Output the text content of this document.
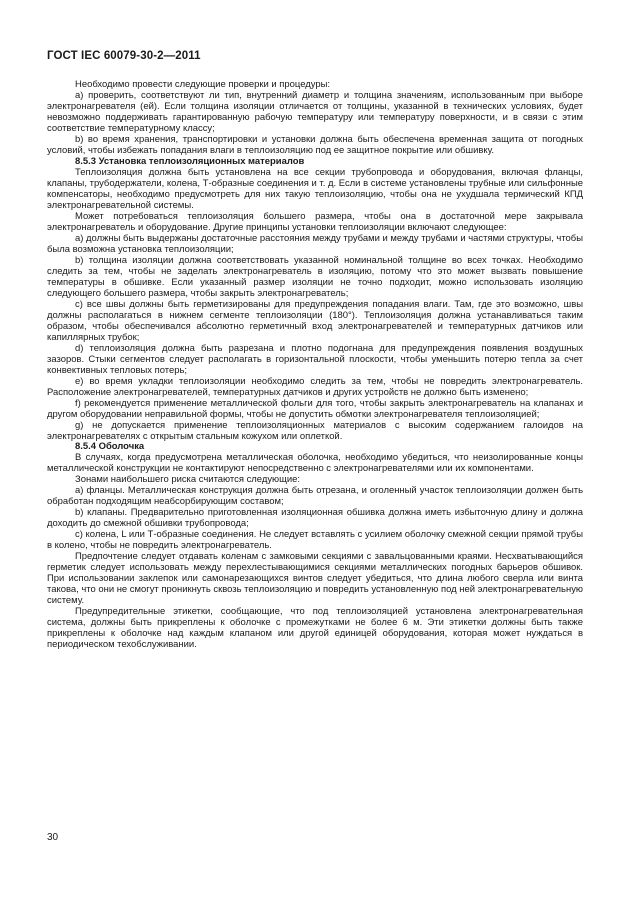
ГОСТ IEC 60079-30-2—2011

Необходимо провести следующие проверки и процедуры:

a) проверить, соответствуют ли тип, внутренний диаметр и толщина значениям, использованным при выборе электронагревателя (ей). Если толщина изоляции отличается от толщины, указанной в технических условиях, будет невозможно поддерживать гарантированную рабочую температуру или температуру поверхности, и в связи с этим соответствие температурному классу;

b) во время хранения, транспортировки и установки должна быть обеспечена временная защита от погодных условий, чтобы избежать попадания влаги в теплоизоляцию под ее защитное покрытие или обшивку.

8.5.3 Установка теплоизоляционных материалов

Теплоизоляция должна быть установлена на все секции трубопровода и оборудования, включая фланцы, клапаны, трубодержатели, колена, Т-образные соединения и т. д. Если в системе установлены трубные или сильфонные компенсаторы, необходимо предусмотреть для них такую теплоизоляцию, чтобы она не ухудшала термический КПД электронагревательной системы.

Может потребоваться теплоизоляция большего размера, чтобы она в достаточной мере закрывала электронагреватель и оборудование. Другие принципы установки теплоизоляции включают следующее:

a) должны быть выдержаны достаточные расстояния между трубами и между трубами и частями структуры, чтобы была возможна установка теплоизоляции;

b) толщина изоляции должна соответствовать указанной номинальной толщине во всех точках. Необходимо следить за тем, чтобы не заделать электронагреватель в изоляцию, потому что это может вызвать повышение температуры в обшивке. Если указанный размер изоляции не точно подходит, можно использовать изоляцию следующего большего размера, чтобы закрыть электронагреватель;

c) все швы должны быть герметизированы для предупреждения попадания влаги. Там, где это возможно, швы должны располагаться в нижнем сегменте теплоизоляции (180°). Теплоизоляция должна устанавливаться таким образом, чтобы обеспечивался абсолютно герметичный вход электронагревателей и температурных датчиков или капиллярных трубок;

d) теплоизоляция должна быть разрезана и плотно подогнана для предупреждения появления воздушных зазоров. Стыки сегментов следует располагать в горизонтальной плоскости, чтобы уменьшить потерю тепла за счет конвективных тепловых потерь;

e) во время укладки теплоизоляции необходимо следить за тем, чтобы не повредить электронагреватель. Расположение электронагревателей, температурных датчиков и других устройств не должно быть изменено;

f) рекомендуется применение металлической фольги для того, чтобы закрыть электронагреватель на клапанах и другом оборудовании неправильной формы, чтобы не допустить обмотки электронагревателя теплоизоляцией;

g) не допускается применение теплоизоляционных материалов с высоким содержанием галоидов на электронагревателях с открытым стальным кожухом или оплеткой.

8.5.4 Оболочка

В случаях, когда предусмотрена металлическая оболочка, необходимо убедиться, что неизолированные концы металлической конструкции не контактируют непосредственно с электронагревателями или их компонентами.

Зонами наибольшего риска считаются следующие:

a) фланцы. Металлическая конструкция должна быть отрезана, и оголенный участок теплоизоляции должен быть обработан подходящим неабсорбирующим составом;

b) клапаны. Предварительно приготовленная изоляционная обшивка должна иметь избыточную длину и должна доходить до смежной обшивки трубопровода;

c) колена, L или Т-образные соединения. Не следует вставлять с усилием оболочку смежной секции прямой трубы в колено, чтобы не повредить электронагреватель.

Предпочтение следует отдавать коленам с замковыми секциями с завальцованными краями. Несхватывающийся герметик следует использовать между перехлестывающимися секциями металлических погодных барьеров обшивок. При использовании заклепок или самонарезающихся винтов следует убедиться, что длина любого сверла или винта такова, что они не смогут проникнуть сквозь теплоизоляцию и повредить установленную под ней электронагревательную систему.

Предупредительные этикетки, сообщающие, что под теплоизоляцией установлена электронагревательная система, должны быть прикреплены к оболочке с промежутками не более 6 м. Эти этикетки должны быть также прикреплены к оболочке над каждым клапаном или другой единицей оборудования, которая может нуждаться в периодическом техобслуживании.

30
